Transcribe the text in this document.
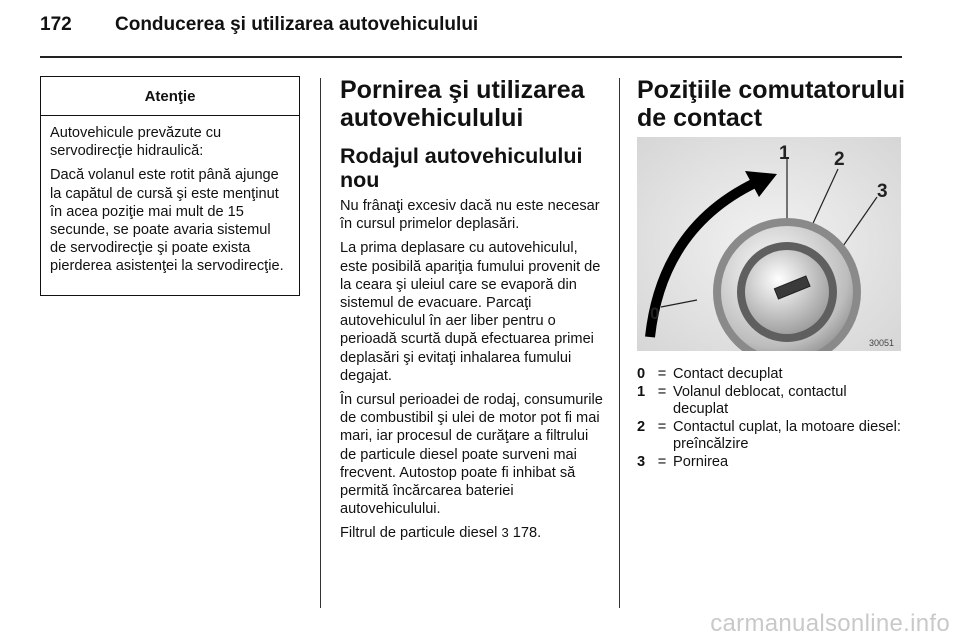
172 Conducerea şi utilizarea autovehiculului
Atenţie

Autovehicule prevăzute cu servodirecţie hidraulică:

Dacă volanul este rotit până ajunge la capătul de cursă şi este menţinut în acea poziţie mai mult de 15 secunde, se poate avaria sistemul de servodirecţie şi poate exista pierderea asistenţei la servodirecţie.

Pornirea şi utilizarea autovehiculului
Rodajul autovehiculului nou

Nu frânaţi excesiv dacă nu este necesar în cursul primelor deplasări.

La prima deplasare cu autovehiculul, este posibilă apariţia fumului provenit de la ceara şi uleiul care se evaporă din sistemul de evacuare. Parcaţi autovehiculul în aer liber pentru o perioadă scurtă după efectuarea primei deplasări şi evitaţi inhalarea fumului degajat.

În cursul perioadei de rodaj, consumurile de combustibil şi ulei de motor pot fi mai mari, iar procesul de curăţare a filtrului de particule diesel poate surveni mai frecvent. Autostop poate fi inhibat să permită încărcarea bateriei autovehiculului.

Filtrul de particule diesel 3 178.

Poziţiile comutatorului de contact
0
1 2
3
30051
0 = Contact decuplat
1 = Volanul deblocat, contactul decuplat
2 = Contactul cuplat, la motoare diesel: preîncălzire
3 = Pornirea
carmanualsonline.info
